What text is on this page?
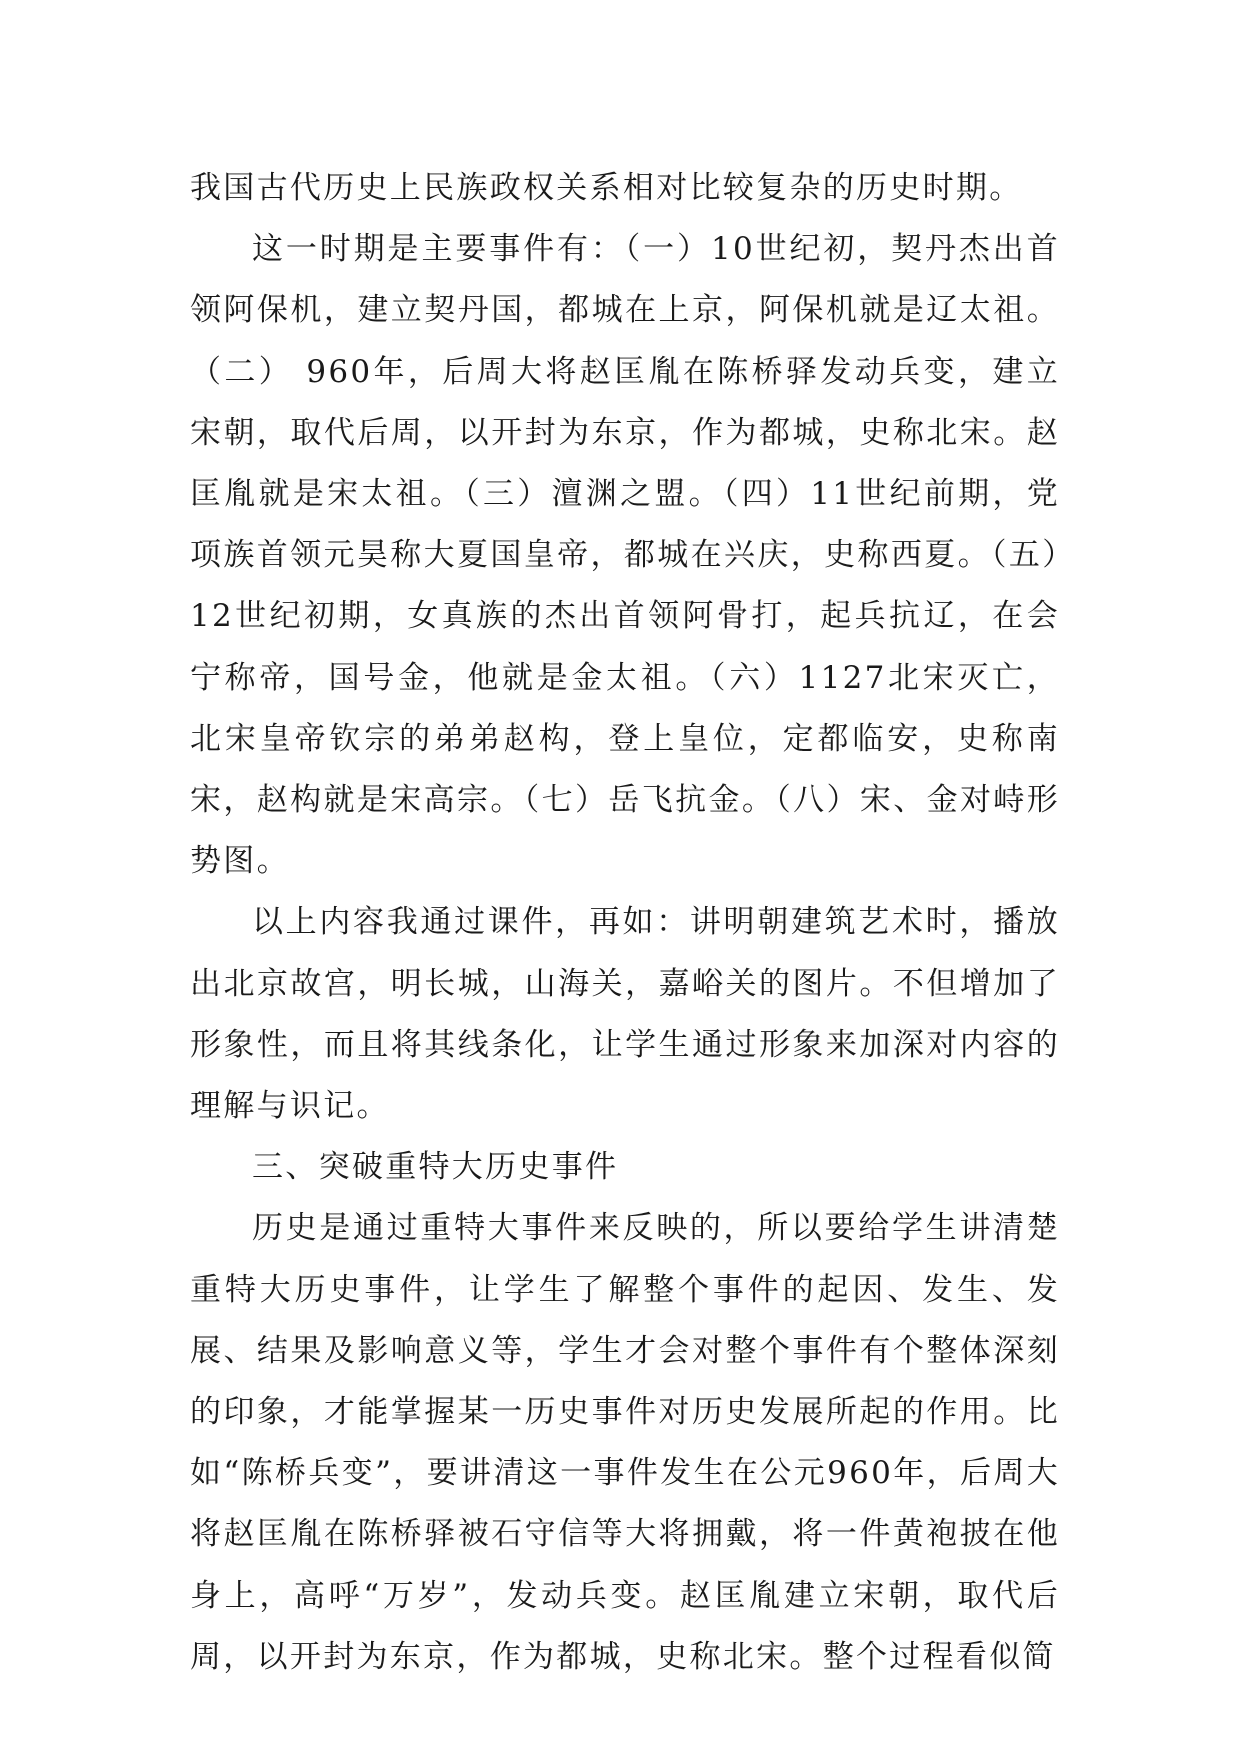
我国古代历史上民族政权关系相对比较复杂的历史时期。

这一时期是主要事件有：（一）10世纪初，契丹杰出首领阿保机，建立契丹国，都城在上京，阿保机就是辽太祖。（二） 960年，后周大将赵匡胤在陈桥驿发动兵变，建立宋朝，取代后周，以开封为东京，作为都城，史称北宋。赵匡胤就是宋太祖。（三）澶渊之盟。（四）11世纪前期，党项族首领元昊称大夏国皇帝，都城在兴庆，史称西夏。（五）12世纪初期，女真族的杰出首领阿骨打，起兵抗辽，在会宁称帝，国号金，他就是金太祖。（六）1127北宋灭亡，北宋皇帝钦宗的弟弟赵构，登上皇位，定都临安，史称南宋，赵构就是宋高宗。（七）岳飞抗金。（八）宋、金对峙形势图。

以上内容我通过课件，再如：讲明朝建筑艺术时，播放出北京故宫，明长城，山海关，嘉峪关的图片。不但增加了形象性，而且将其线条化，让学生通过形象来加深对内容的理解与识记。

三、突破重特大历史事件

历史是通过重特大事件来反映的，所以要给学生讲清楚重特大历史事件，让学生了解整个事件的起因、发生、发展、结果及影响意义等，学生才会对整个事件有个整体深刻的印象，才能掌握某一历史事件对历史发展所起的作用。比如“陈桥兵变”，要讲清这一事件发生在公元960年，后周大将赵匡胤在陈桥驿被石守信等大将拥戴，将一件黄袍披在他身上，高呼“万岁”，发动兵变。赵匡胤建立宋朝，取代后周，以开封为东京，作为都城，史称北宋。整个过程看似简
